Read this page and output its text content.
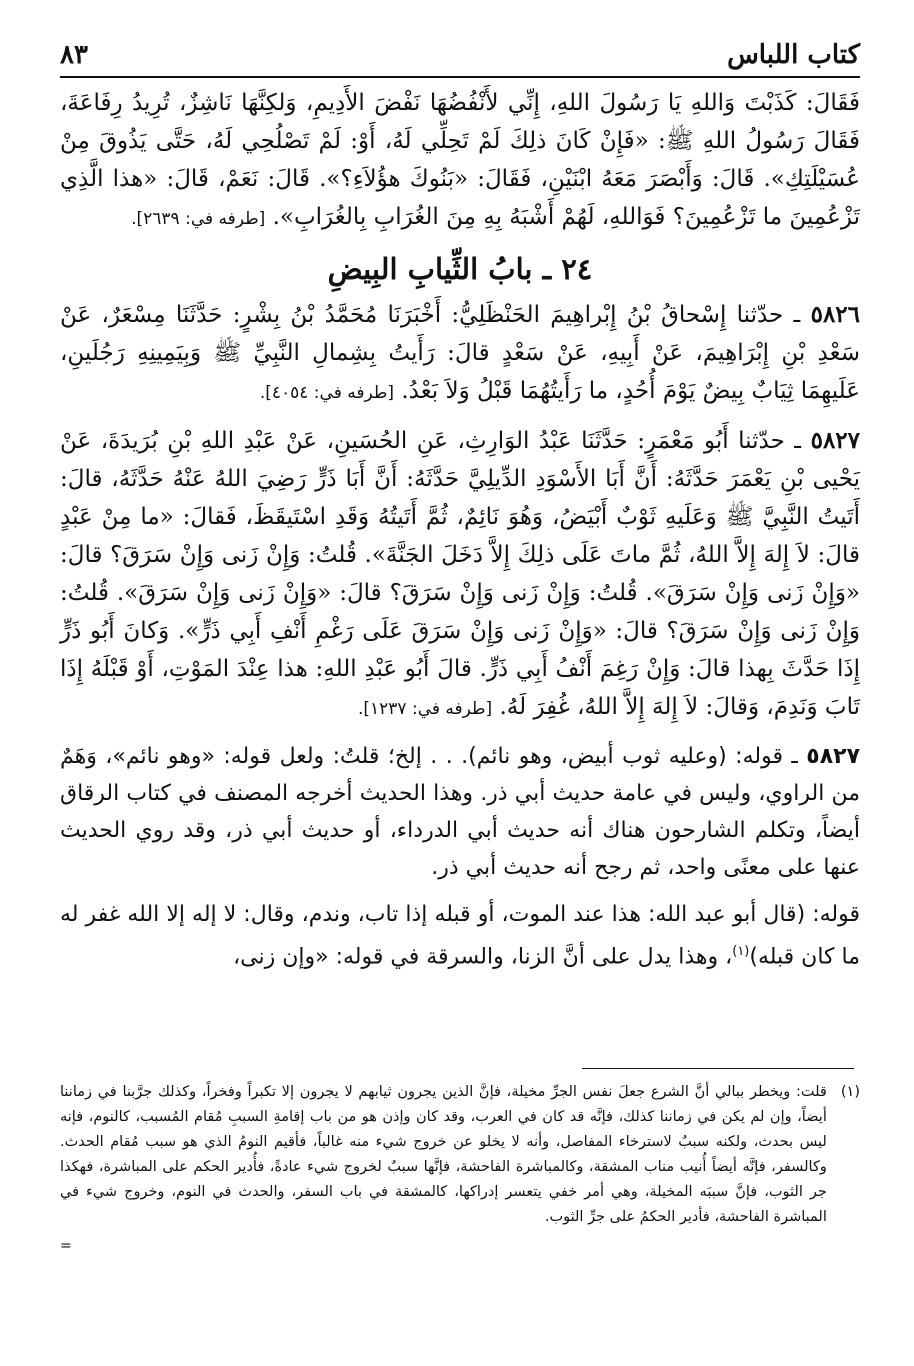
كتاب اللباس
٨٣

فَقَالَ: كَذَبْتَ وَاللهِ يَا رَسُولَ اللهِ، إِنِّي لأَنْفُضُهَا نَفْضَ الأَدِيمِ، وَلكِنَّهَا نَاشِزٌ، تُرِيدُ رِفَاعَةَ، فَقَالَ رَسُولُ اللهِ ﷺ: «فَإِنْ كَانَ ذلِكَ لَمْ تَحِلِّي لَهُ، أَوْ: لَمْ تَصْلُحِي لَهُ، حَتَّى يَذُوقَ مِنْ عُسَيْلَتِكِ». قَالَ: وَأَبْصَرَ مَعَهُ ابْنَيْنِ، فَقَالَ: «بَنُوكَ هؤُلاَءِ؟». قَالَ: نَعَمْ، قَالَ: «هذا الَّذِي تَزْعُمِينَ ما تَزْعُمِينَ؟ فَوَاللهِ، لَهُمْ أَشْبَهُ بِهِ مِنَ الغُرَابِ بِالغُرَابِ». [طرفه في: ٢٦٣٩].

٢٤ ـ بابُ الثِّيابِ البِيضِ

٥٨٢٦ ـ حدّثنا إِسْحاقُ بْنُ إِبْراهِيمَ الحَنْظَلِيُّ: أَخْبَرَنَا مُحَمَّدُ بْنُ بِشْرٍ: حَدَّثَنَا مِسْعَرٌ، عَنْ سَعْدِ بْنِ إِبْرَاهِيمَ، عَنْ أَبِيهِ، عَنْ سَعْدٍ قالَ: رَأَيتُ بِشِمالِ النَّبِيِّ ﷺ وَبِيَمِينِهِ رَجُلَينِ، عَلَيهِمَا ثِيَابٌ بِيضٌ يَوْمَ أُحُدٍ، ما رَأَيتُهُمَا قَبْلُ وَلاَ بَعْدُ. [طرفه في: ٤٠٥٤].

٥٨٢٧ ـ حدّثنا أَبُو مَعْمَرٍ: حَدَّثَنَا عَبْدُ الوَارِثِ، عَنِ الحُسَينِ، عَنْ عَبْدِ اللهِ بْنِ بُرَيدَةَ، عَنْ يَحْيى بْنِ يَعْمَرَ حَدَّثَهُ: أَنَّ أَبَا الأَسْوَدِ الدِّيلِيَّ حَدَّثَهُ: أَنَّ أَبَا ذَرٍّ رَضِيَ اللهُ عَنْهُ حَدَّثَهُ، قالَ: أَتَيتُ النَّبِيَّ ﷺ وَعَلَيهِ ثَوْبٌ أَبْيَضُ، وَهُوَ نَائِمٌ، ثُمَّ أَتَيتُهُ وَقَدِ اسْتَيقَظَ، فَقالَ: «ما مِنْ عَبْدٍ قالَ: لاَ إِلهَ إِلاَّ اللهُ، ثُمَّ ماتَ عَلَى ذلِكَ إِلاَّ دَخَلَ الجَنَّةَ». قُلتُ: وَإِنْ زَنى وَإِنْ سَرَقَ؟ قالَ: «وَإِنْ زَنى وَإِنْ سَرَقَ». قُلتُ: وَإِنْ زَنى وَإِنْ سَرَقَ؟ قالَ: «وَإِنْ زَنى وَإِنْ سَرَقَ». قُلتُ: وَإِنْ زَنى وَإِنْ سَرَقَ؟ قالَ: «وَإِنْ زَنى وَإِنْ سَرَقَ عَلَى رَغْمِ أَنْفِ أَبِي ذَرٍّ». وَكانَ أَبُو ذَرٍّ إِذَا حَدَّثَ بِهذا قالَ: وَإِنْ رَغِمَ أَنْفُ أَبِي ذَرٍّ. قالَ أَبُو عَبْدِ اللهِ: هذا عِنْدَ المَوْتِ، أَوْ قَبْلَهُ إِذَا تَابَ وَنَدِمَ، وَقالَ: لاَ إِلهَ إِلاَّ اللهُ، غُفِرَ لَهُ. [طرفه في: ١٢٣٧].

٥٨٢٧ ـ قوله: (وعليه ثوب أبيض، وهو نائم). . . إلخ؛ قلتُ: ولعل قوله: «وهو نائم»، وَهَمٌ من الراوي، وليس في عامة حديث أبي ذر. وهذا الحديث أخرجه المصنف في كتاب الرقاق أيضاً، وتكلم الشارحون هناك أنه حديث أبي الدرداء، أو حديث أبي ذر، وقد روي الحديث عنها على معنًى واحد، ثم رجح أنه حديث أبي ذر.

قوله: (قال أبو عبد الله: هذا عند الموت، أو قبله إذا تاب، وندم، وقال: لا إله إلا الله غفر له ما كان قبله)$^{(١)}$، وهذا يدل على أنَّ الزنا، والسرقة في قوله: «وإن زنى،

(١)
قلت: ويخطر ببالي أنَّ الشرع جعلَ نفس الجرِّ مخيلة، فإنَّ الذين يجرون ثيابهم لا يجرون إلا تكبراً وفخراً، وكذلك جرَّبنا في زماننا أيضاً، وإن لم يكن في زماننا كذلك، فإنَّه قد كان في العرب، وقد كان وإذن هو من باب إقامةِ السببِ مُقام المُسبب، كالنوم، فإنه ليس بحدث، ولكنه سببٌ لاسترخاء المفاصل، وأنه لا يخلو عن خروج شيء منه غالباً، فأقيم النومُ الذي هو سبب مُقام الحدث. وكالسفر، فإنَّه أيضاً أُنيب مناب المشقة، وكالمباشرة الفاحشة، فإنَّها سببٌ لخروج شيء عادةً، فأُدير الحكم على المباشرة، فهكذا جر الثوب، فإنَّ سببَه المخيلة، وهي أمر خفي يتعسر إدراكها، كالمشقة في باب السفر، والحدث في النوم، وخروج شيء في المباشرة الفاحشة، فأدير الحكمُ على جرِّ الثوب.
=
